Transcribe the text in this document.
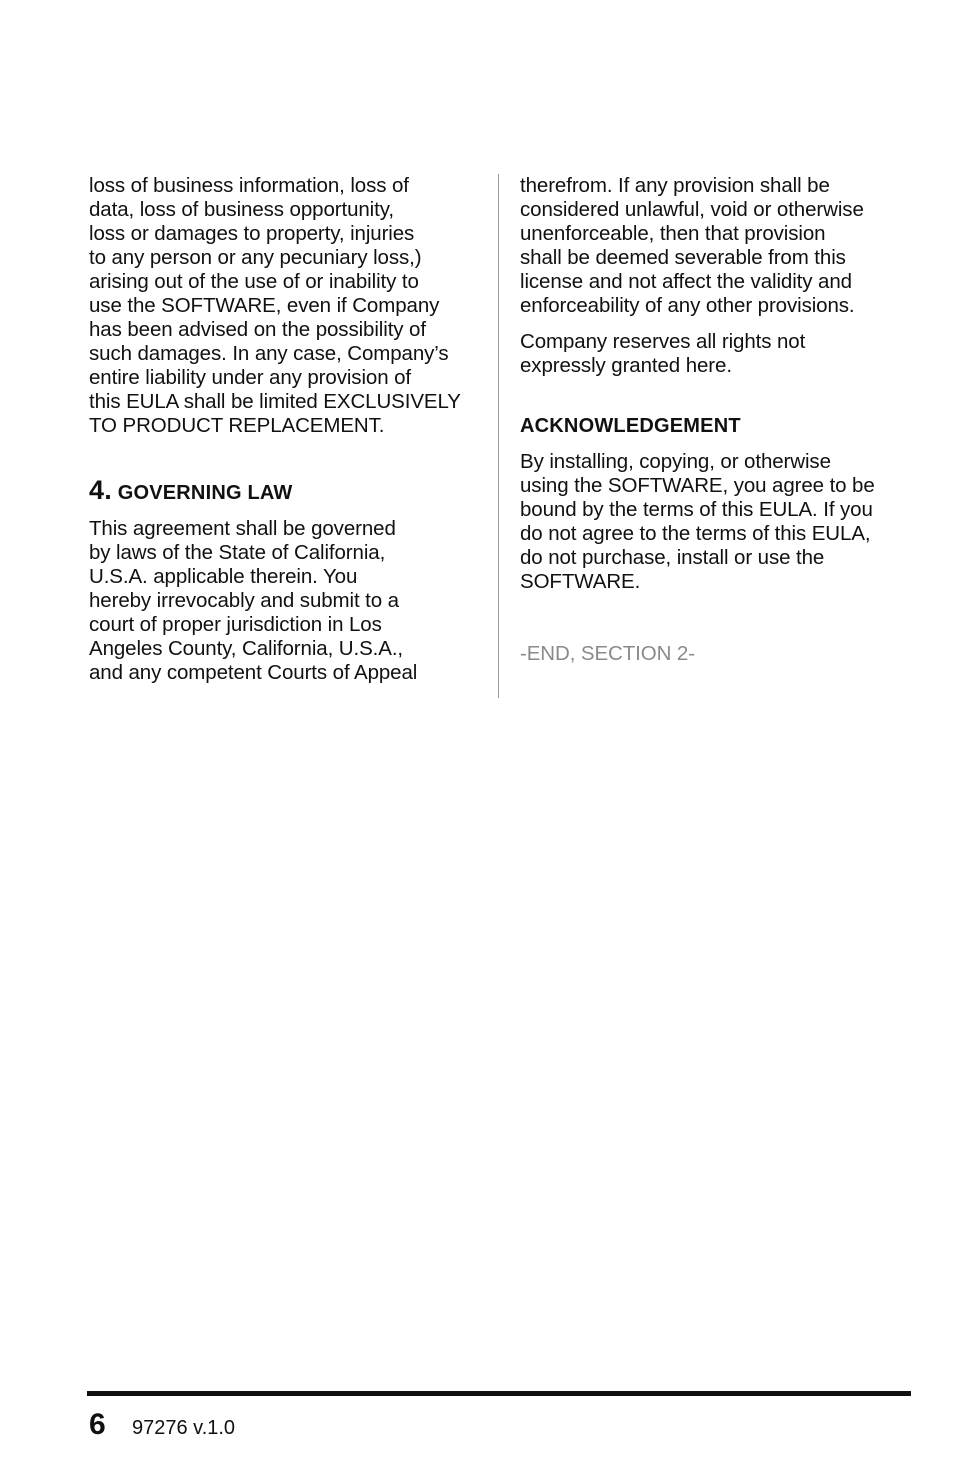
loss of business information, loss of
data, loss of business opportunity,
loss or damages to property, injuries
to any person or any pecuniary loss,)
arising out of the use of or inability to
use the SOFTWARE, even if Company
has been advised on the possibility of
such damages. In any case, Company’s
entire liability under any provision of
this EULA shall be limited EXCLUSIVELY
TO PRODUCT REPLACEMENT.

4. GOVERNING LAW

This agreement shall be governed
by laws of the State of California,
U.S.A. applicable therein. You
hereby irrevocably and submit to a
court of proper jurisdiction in Los
Angeles County, California, U.S.A.,
and any competent Courts of Appeal

therefrom. If any provision shall be
considered unlawful, void or otherwise
unenforceable, then that provision
shall be deemed severable from this
license and not affect the validity and
enforceability of any other provisions.

Company reserves all rights not
expressly granted here.

ACKNOWLEDGEMENT

By installing, copying, or otherwise
using the SOFTWARE, you agree to be
bound by the terms of this EULA. If you
do not agree to the terms of this EULA,
do not purchase, install or use the
SOFTWARE.

-END, SECTION 2-

6 97276 v.1.0
